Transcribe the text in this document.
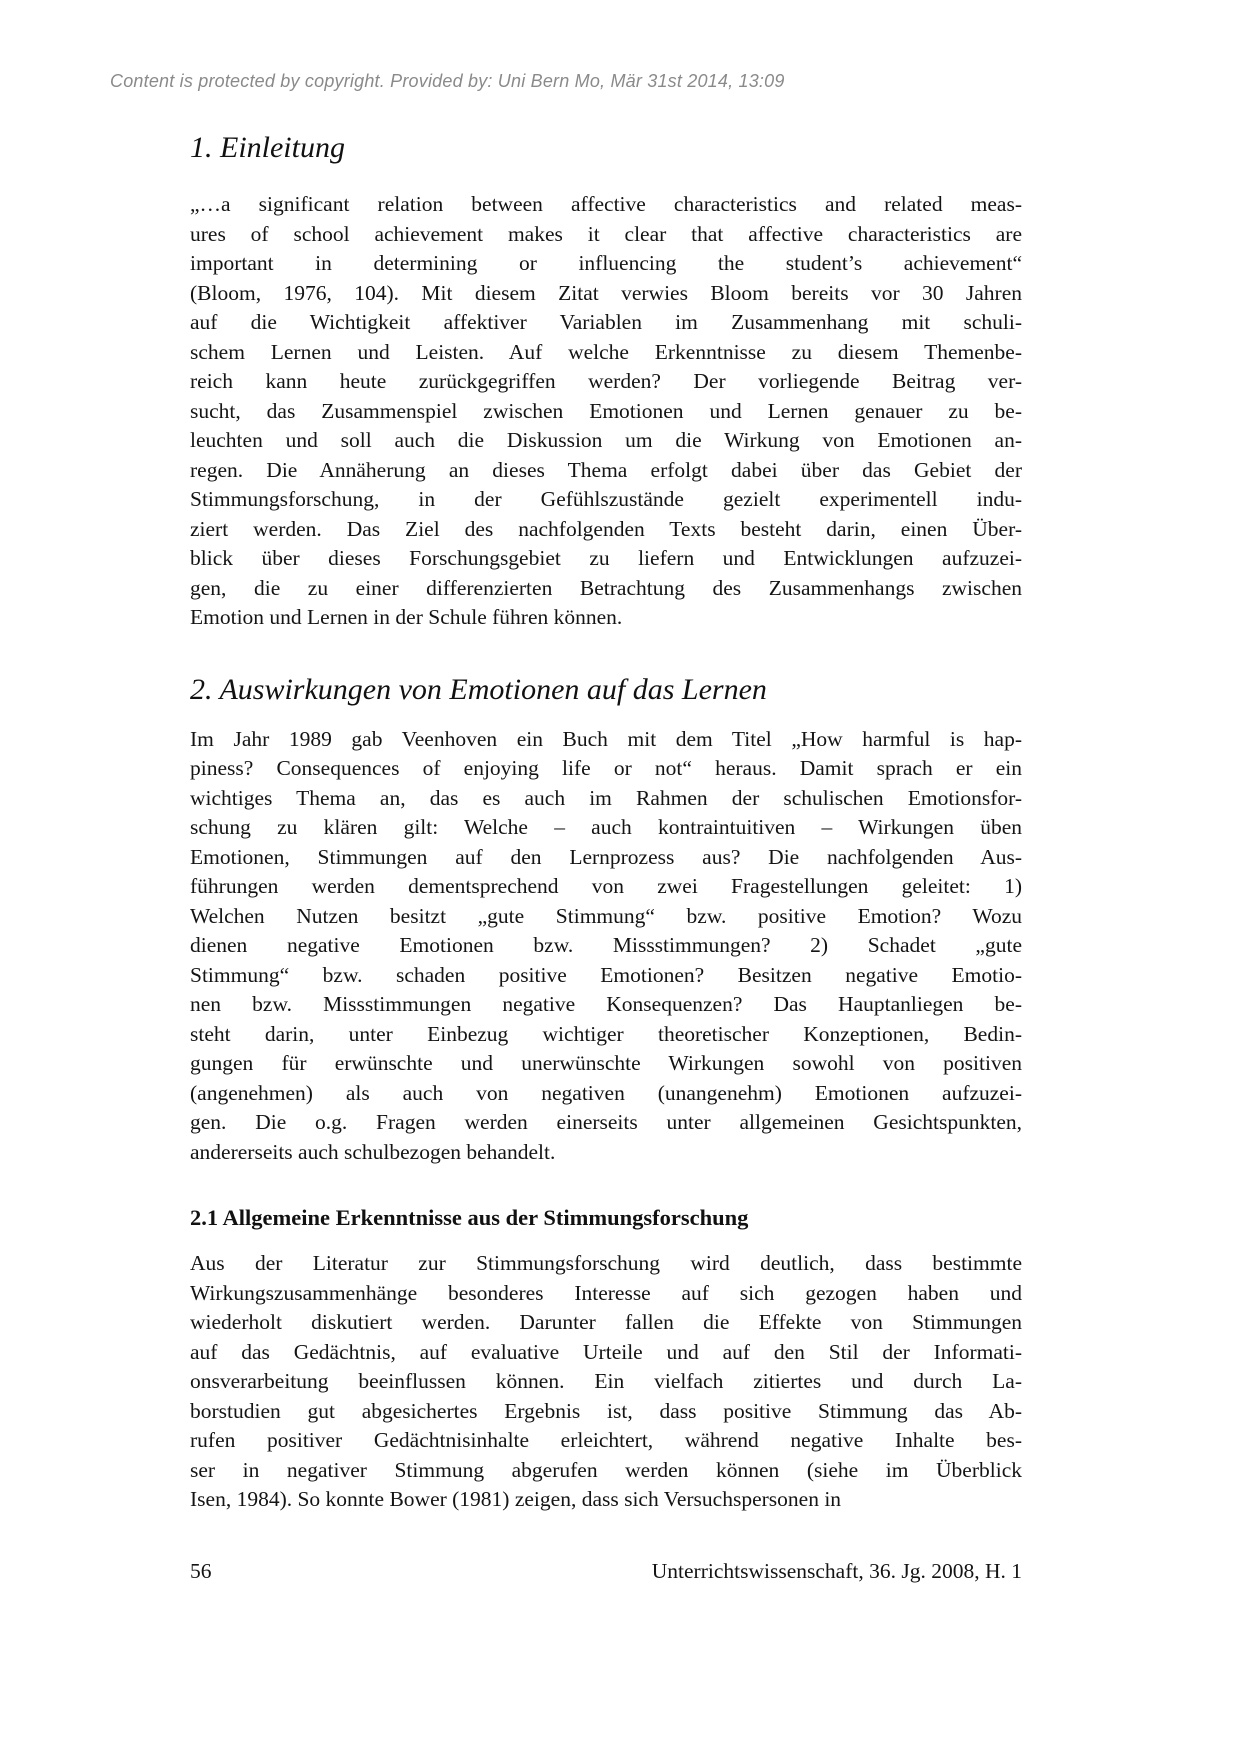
Content is protected by copyright. Provided by: Uni Bern Mo, Mär 31st 2014, 13:09
1. Einleitung
„…a significant relation between affective characteristics and related meas-
ures of school achievement makes it clear that affective characteristics are
important in determining or influencing the student’s achievement“
(Bloom, 1976, 104). Mit diesem Zitat verwies Bloom bereits vor 30 Jahren
auf die Wichtigkeit affektiver Variablen im Zusammenhang mit schuli-
schem Lernen und Leisten. Auf welche Erkenntnisse zu diesem Themenbe-
reich kann heute zurückgegriffen werden? Der vorliegende Beitrag ver-
sucht, das Zusammenspiel zwischen Emotionen und Lernen genauer zu be-
leuchten und soll auch die Diskussion um die Wirkung von Emotionen an-
regen. Die Annäherung an dieses Thema erfolgt dabei über das Gebiet der
Stimmungsforschung, in der Gefühlszustände gezielt experimentell indu-
ziert werden. Das Ziel des nachfolgenden Texts besteht darin, einen Über-
blick über dieses Forschungsgebiet zu liefern und Entwicklungen aufzuzei-
gen, die zu einer differenzierten Betrachtung des Zusammenhangs zwischen
Emotion und Lernen in der Schule führen können.
2. Auswirkungen von Emotionen auf das Lernen
Im Jahr 1989 gab Veenhoven ein Buch mit dem Titel „How harmful is hap-
piness? Consequences of enjoying life or not“ heraus. Damit sprach er ein
wichtiges Thema an, das es auch im Rahmen der schulischen Emotionsfor-
schung zu klären gilt: Welche – auch kontraintuitiven – Wirkungen üben
Emotionen, Stimmungen auf den Lernprozess aus? Die nachfolgenden Aus-
führungen werden dementsprechend von zwei Fragestellungen geleitet: 1)
Welchen Nutzen besitzt „gute Stimmung“ bzw. positive Emotion? Wozu
dienen negative Emotionen bzw. Missstimmungen? 2) Schadet „gute
Stimmung“ bzw. schaden positive Emotionen? Besitzen negative Emotio-
nen bzw. Missstimmungen negative Konsequenzen? Das Hauptanliegen be-
steht darin, unter Einbezug wichtiger theoretischer Konzeptionen, Bedin-
gungen für erwünschte und unerwünschte Wirkungen sowohl von positiven
(angenehmen) als auch von negativen (unangenehm) Emotionen aufzuzei-
gen. Die o.g. Fragen werden einerseits unter allgemeinen Gesichtspunkten,
andererseits auch schulbezogen behandelt.
2.1 Allgemeine Erkenntnisse aus der Stimmungsforschung
Aus der Literatur zur Stimmungsforschung wird deutlich, dass bestimmte
Wirkungszusammenhänge besonderes Interesse auf sich gezogen haben und
wiederholt diskutiert werden. Darunter fallen die Effekte von Stimmungen
auf das Gedächtnis, auf evaluative Urteile und auf den Stil der Informati-
onsverarbeitung beeinflussen können. Ein vielfach zitiertes und durch La-
borstudien gut abgesichertes Ergebnis ist, dass positive Stimmung das Ab-
rufen positiver Gedächtnisinhalte erleichtert, während negative Inhalte bes-
ser in negativer Stimmung abgerufen werden können (siehe im Überblick
Isen, 1984). So konnte Bower (1981) zeigen, dass sich Versuchspersonen in
56	Unterrichtswissenschaft, 36. Jg. 2008, H. 1
